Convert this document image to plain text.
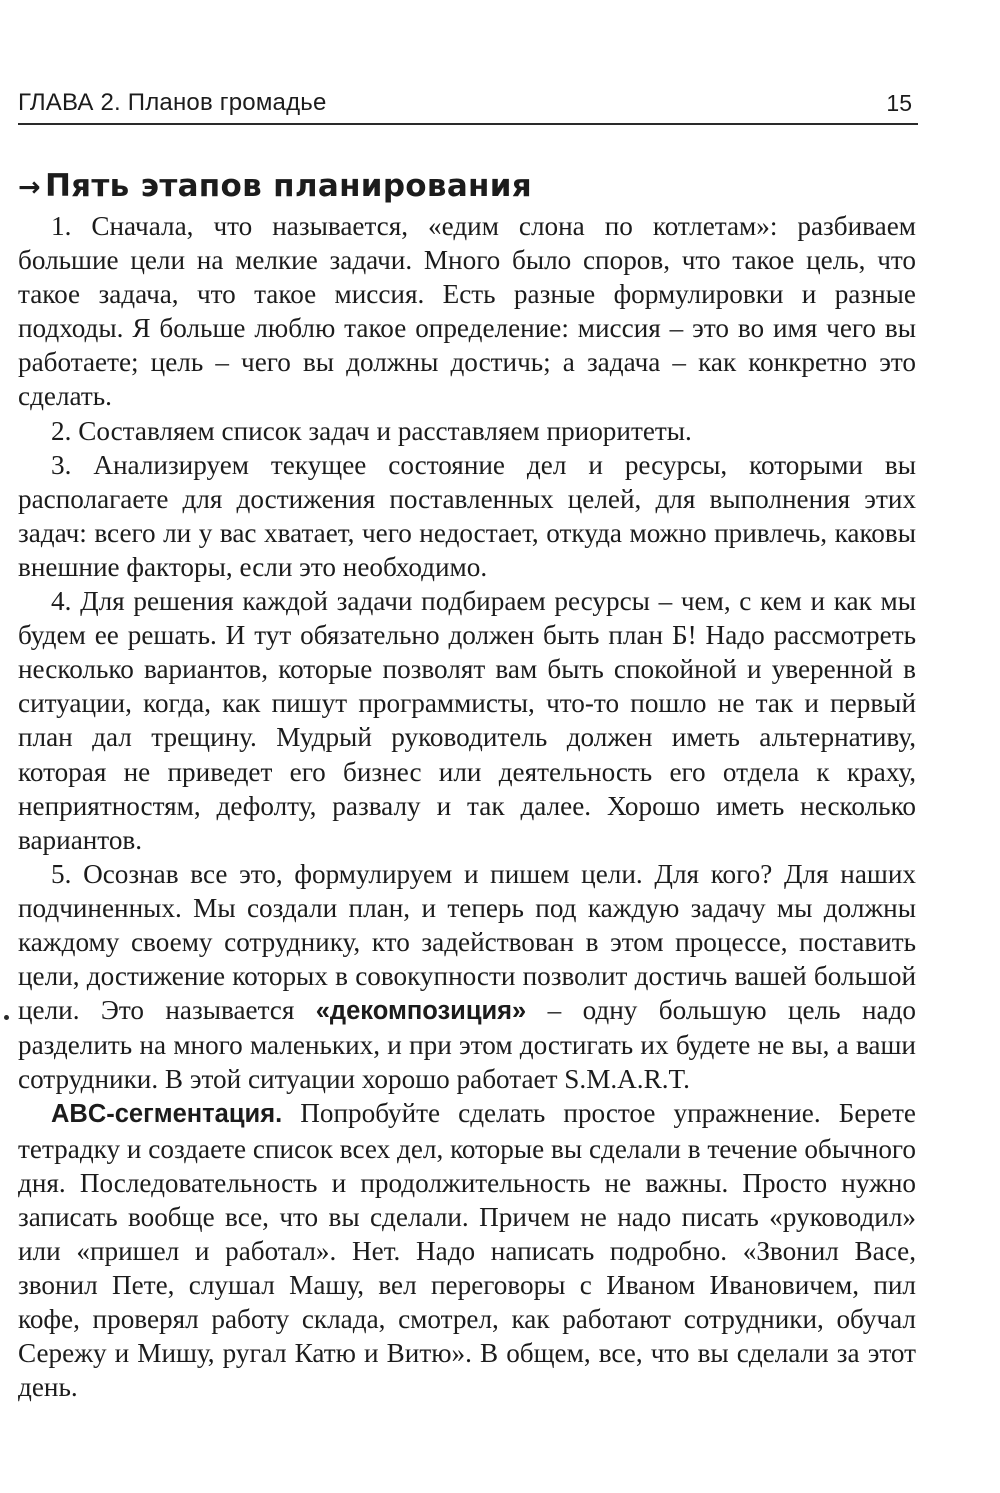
ГЛАВА 2. Планов громадье	15
→ Пять этапов планирования

1. Сначала, что называется, «едим слона по котлетам»: разбиваем большие цели на мелкие задачи. Много было споров, что такое цель, что такое задача, что такое миссия. Есть разные формулировки и разные подходы. Я больше люблю такое определение: миссия – это во имя чего вы работаете; цель – чего вы должны достичь; а задача – как конкретно это сделать.

2. Составляем список задач и расставляем приоритеты.

3. Анализируем текущее состояние дел и ресурсы, которыми вы располагаете для достижения поставленных целей, для выполнения этих задач: всего ли у вас хватает, чего недостает, откуда можно привлечь, каковы внешние факторы, если это необходимо.

4. Для решения каждой задачи подбираем ресурсы – чем, с кем и как мы будем ее решать. И тут обязательно должен быть план Б! Надо рассмотреть несколько вариантов, которые позволят вам быть спокойной и уверенной в ситуации, когда, как пишут программисты, что-то пошло не так и первый план дал трещину. Мудрый руководитель должен иметь альтернативу, которая не приведет его бизнес или деятельность его отдела к краху, неприятностям, дефолту, развалу и так далее. Хорошо иметь несколько вариантов.

5. Осознав все это, формулируем и пишем цели. Для кого? Для наших подчиненных. Мы создали план, и теперь под каждую задачу мы должны каждому своему сотруднику, кто задействован в этом процессе, поставить цели, достижение которых в совокупности позволит достичь вашей большой цели. Это называется «декомпозиция» – одну большую цель надо разделить на много маленьких, и при этом достигать их будете не вы, а ваши сотрудники. В этой ситуации хорошо работает S.M.A.R.T.

ABC-сегментация. Попробуйте сделать простое упражнение. Берете тетрадку и создаете список всех дел, которые вы сделали в течение обычного дня. Последовательность и продолжительность не важны. Просто нужно записать вообще все, что вы сделали. Причем не надо писать «руководил» или «пришел и работал». Нет. Надо написать подробно. «Звонил Васе, звонил Пете, слушал Машу, вел переговоры с Иваном Ивановичем, пил кофе, проверял работу склада, смотрел, как работают сотрудники, обучал Сережу и Мишу, ругал Катю и Витю». В общем, все, что вы сделали за этот день.
